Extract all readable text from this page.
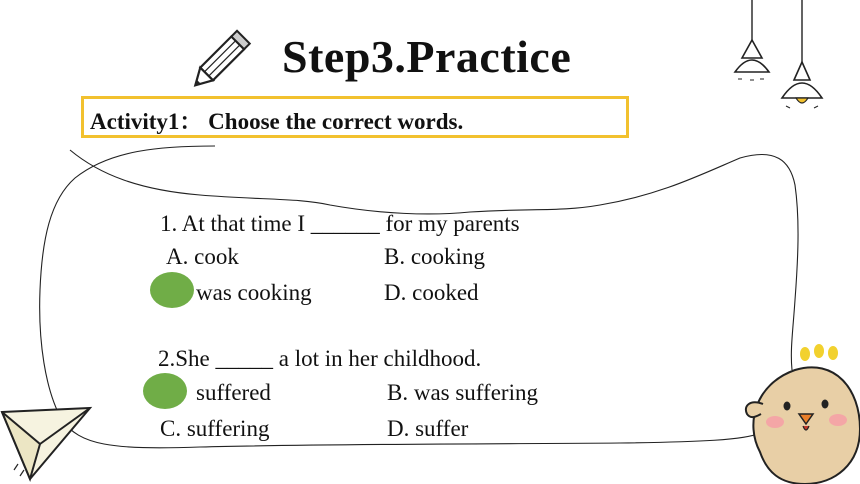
Step3.Practice
Activity1： Choose the correct words.
1. At that time I ______ for my parents
A. cook	B. cooking
was cooking	D. cooked
2.She _____ a lot in her childhood.
suffered	B. was suffering
C. suffering	D. suffer
